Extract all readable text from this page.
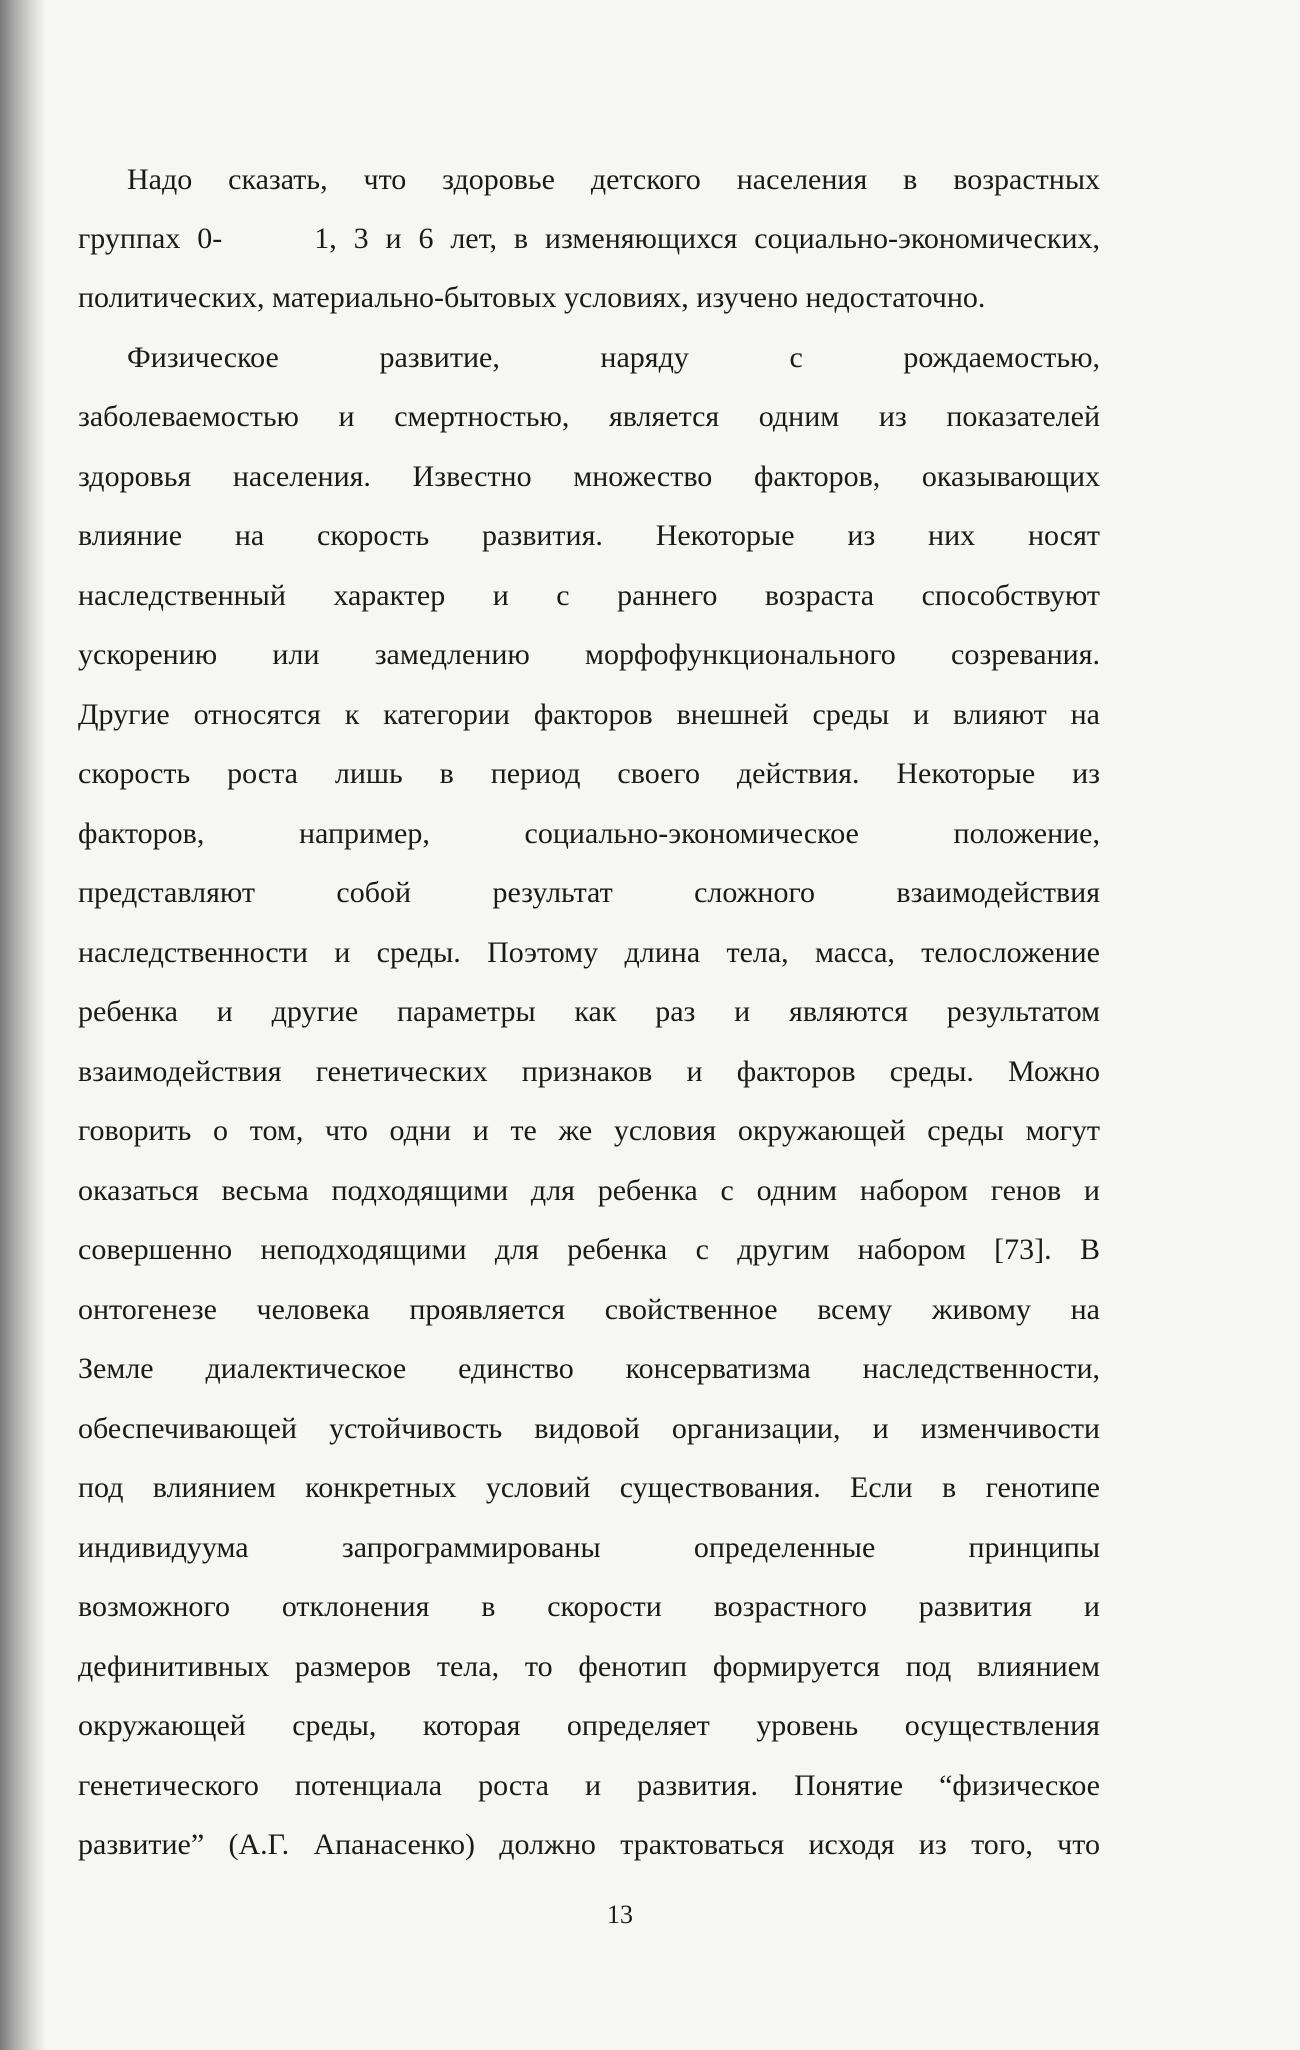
Надо сказать, что здоровье детского населения в возрастных
группах 0-	1, 3 и 6 лет, в изменяющихся социально-экономических,
политических, материально-бытовых условиях, изучено недостаточно.
Физическое развитие, наряду с рождаемостью,
заболеваемостью и смертностью, является одним из показателей
здоровья населения. Известно множество факторов, оказывающих
влияние на скорость развития. Некоторые из них носят
наследственный характер и с раннего возраста способствуют
ускорению или замедлению морфофункционального созревания.
Другие относятся к категории факторов внешней среды и влияют на
скорость роста лишь в период своего действия. Некоторые из
факторов, например, социально-экономическое положение,
представляют собой результат сложного взаимодействия
наследственности и среды. Поэтому длина тела, масса, телосложение
ребенка и другие параметры как раз и являются результатом
взаимодействия генетических признаков и факторов среды. Можно
говорить о том, что одни и те же условия окружающей среды могут
оказаться весьма подходящими для ребенка с одним набором генов и
совершенно неподходящими для ребенка с другим набором [73]. В
онтогенезе человека проявляется свойственное всему живому на
Земле диалектическое единство консерватизма наследственности,
обеспечивающей устойчивость видовой организации, и изменчивости
под влиянием конкретных условий существования. Если в генотипе
индивидуума запрограммированы определенные принципы
возможного отклонения в скорости возрастного развития и
дефинитивных размеров тела, то фенотип формируется под влиянием
окружающей среды, которая определяет уровень осуществления
генетического потенциала роста и развития. Понятие “физическое
развитие” (А.Г. Апанасенко) должно трактоваться исходя из того, что
13
